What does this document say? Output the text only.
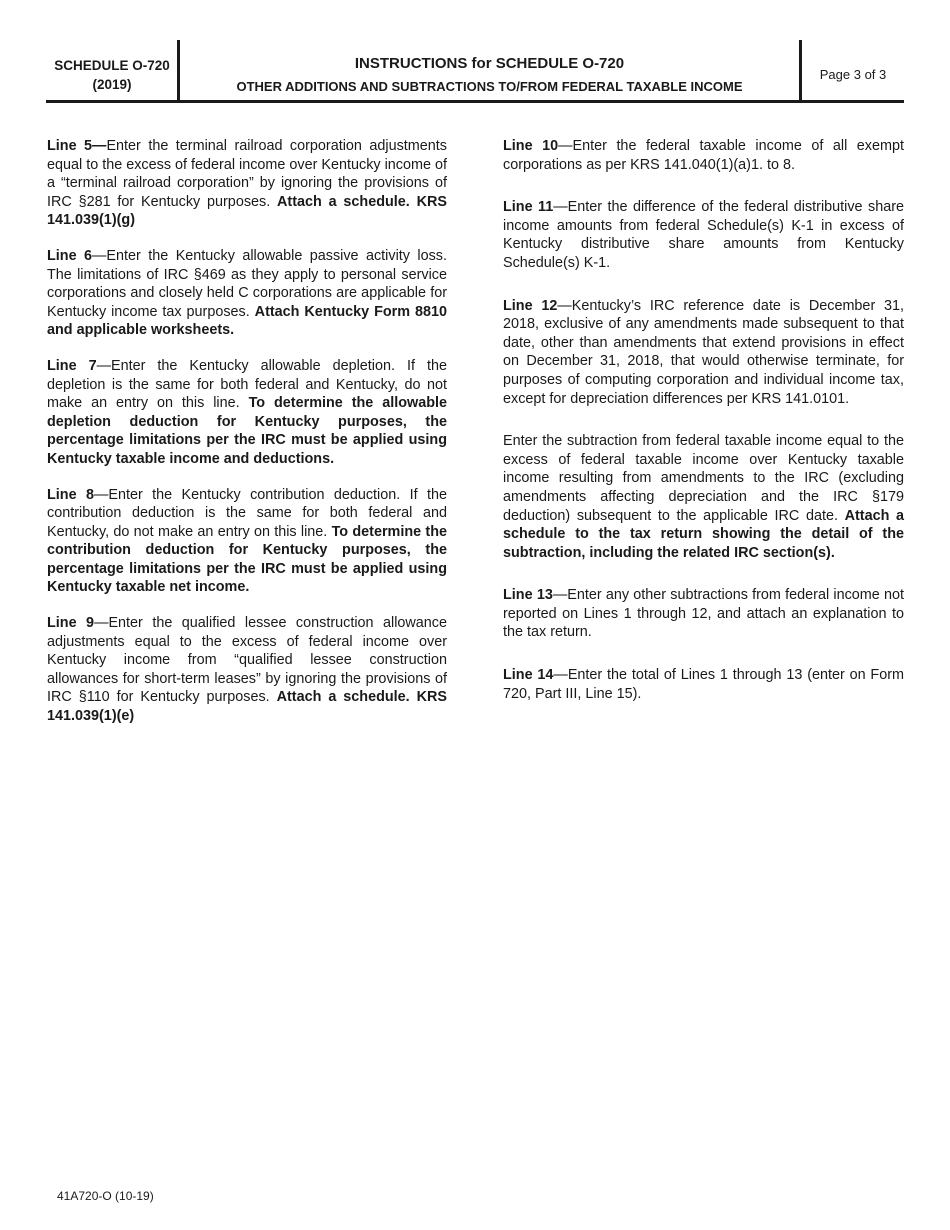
SCHEDULE O-720
(2019)
INSTRUCTIONS for SCHEDULE O-720
OTHER ADDITIONS AND SUBTRACTIONS TO/FROM FEDERAL TAXABLE INCOME
Page 3 of 3

Line 5—Enter the terminal railroad corporation adjustments equal to the excess of federal income over Kentucky income of a “terminal railroad corporation” by ignoring the provisions of IRC §281 for Kentucky purposes. Attach a schedule. KRS 141.039(1)(g)

Line 6—Enter the Kentucky allowable passive activity loss. The limitations of IRC §469 as they apply to personal service corporations and closely held C corporations are applicable for Kentucky income tax purposes. Attach Kentucky Form 8810 and applicable worksheets.

Line 7—Enter the Kentucky allowable depletion. If the depletion is the same for both federal and Kentucky, do not make an entry on this line. To determine the allowable depletion deduction for Kentucky purposes, the percentage limitations per the IRC must be applied using Kentucky taxable income and deductions.

Line 8—Enter the Kentucky contribution deduction. If the contribution deduction is the same for both federal and Kentucky, do not make an entry on this line. To determine the contribution deduction for Kentucky purposes, the percentage limitations per the IRC must be applied using Kentucky taxable net income.

Line 9—Enter the qualified lessee construction allowance adjustments equal to the excess of federal income over Kentucky income from “qualified lessee construction allowances for short-term leases” by ignoring the provisions of IRC §110 for Kentucky purposes. Attach a schedule. KRS 141.039(1)(e)

Line 10—Enter the federal taxable income of all exempt corporations as per KRS 141.040(1)(a)1. to 8.

Line 11—Enter the difference of the federal distributive share income amounts from federal Schedule(s) K-1 in excess of Kentucky distributive share amounts from Kentucky Schedule(s) K-1.

Line 12—Kentucky’s IRC reference date is December 31, 2018, exclusive of any amendments made subsequent to that date, other than amendments that extend provisions in effect on December 31, 2018, that would otherwise terminate, for purposes of computing corporation and individual income tax, except for depreciation differences per KRS 141.0101.

Enter the subtraction from federal taxable income equal to the excess of federal taxable income over Kentucky taxable income resulting from amendments to the IRC (excluding amendments affecting depreciation and the IRC §179 deduction) subsequent to the applicable IRC date. Attach a schedule to the tax return showing the detail of the subtraction, including the related IRC section(s).

Line 13—Enter any other subtractions from federal income not reported on Lines 1 through 12, and attach an explanation to the tax return.

Line 14—Enter the total of Lines 1 through 13 (enter on Form 720, Part III, Line 15).

41A720-O (10-19)
